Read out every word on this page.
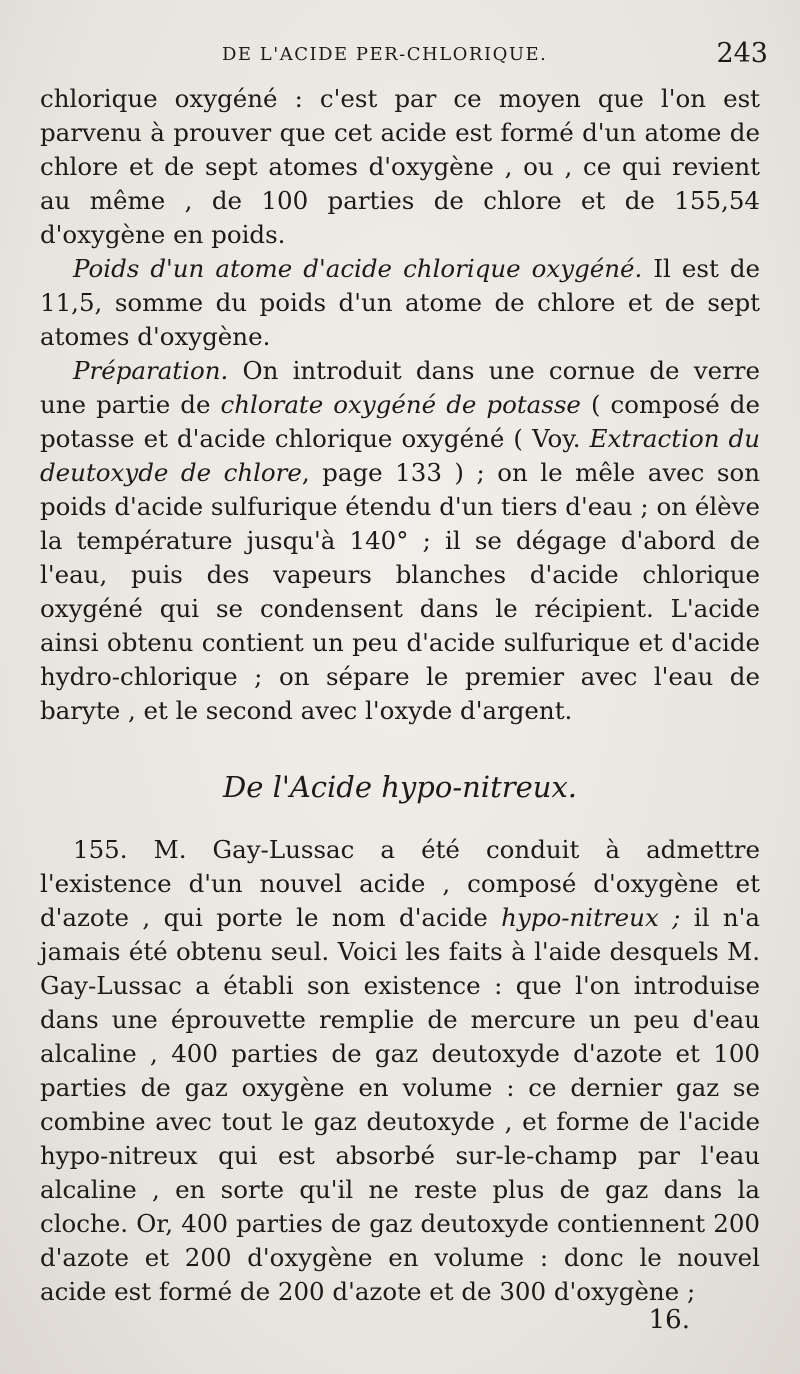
DE L'ACIDE PER-CHLORIQUE.	243

chlorique oxygéné : c'est par ce moyen que l'on est parvenu à prouver que cet acide est formé d'un atome de chlore et de sept atomes d'oxygène , ou , ce qui revient au même , de 100 parties de chlore et de 155,54 d'oxygène en poids.

Poids d'un atome d'acide chlorique oxygéné. Il est de 11,5, somme du poids d'un atome de chlore et de sept atomes d'oxygène.

Préparation. On introduit dans une cornue de verre une partie de chlorate oxygéné de potasse ( composé de potasse et d'acide chlorique oxygéné ( Voy. Extraction du deutoxyde de chlore, page 133 ) ; on le mêle avec son poids d'acide sulfurique étendu d'un tiers d'eau ; on élève la température jusqu'à 140° ; il se dégage d'abord de l'eau, puis des vapeurs blanches d'acide chlorique oxygéné qui se condensent dans le récipient. L'acide ainsi obtenu contient un peu d'acide sulfurique et d'acide hydro-chlorique ; on sépare le premier avec l'eau de baryte , et le second avec l'oxyde d'argent.

De l'Acide hypo-nitreux.

155. M. Gay-Lussac a été conduit à admettre l'existence d'un nouvel acide , composé d'oxygène et d'azote , qui porte le nom d'acide hypo-nitreux ; il n'a jamais été obtenu seul. Voici les faits à l'aide desquels M. Gay-Lussac a établi son existence : que l'on introduise dans une éprouvette remplie de mercure un peu d'eau alcaline , 400 parties de gaz deutoxyde d'azote et 100 parties de gaz oxygène en volume : ce dernier gaz se combine avec tout le gaz deutoxyde , et forme de l'acide hypo-nitreux qui est absorbé sur-le-champ par l'eau alcaline , en sorte qu'il ne reste plus de gaz dans la cloche. Or, 400 parties de gaz deutoxyde contiennent 200 d'azote et 200 d'oxygène en volume : donc le nouvel acide est formé de 200 d'azote et de 300 d'oxygène ;

16.
